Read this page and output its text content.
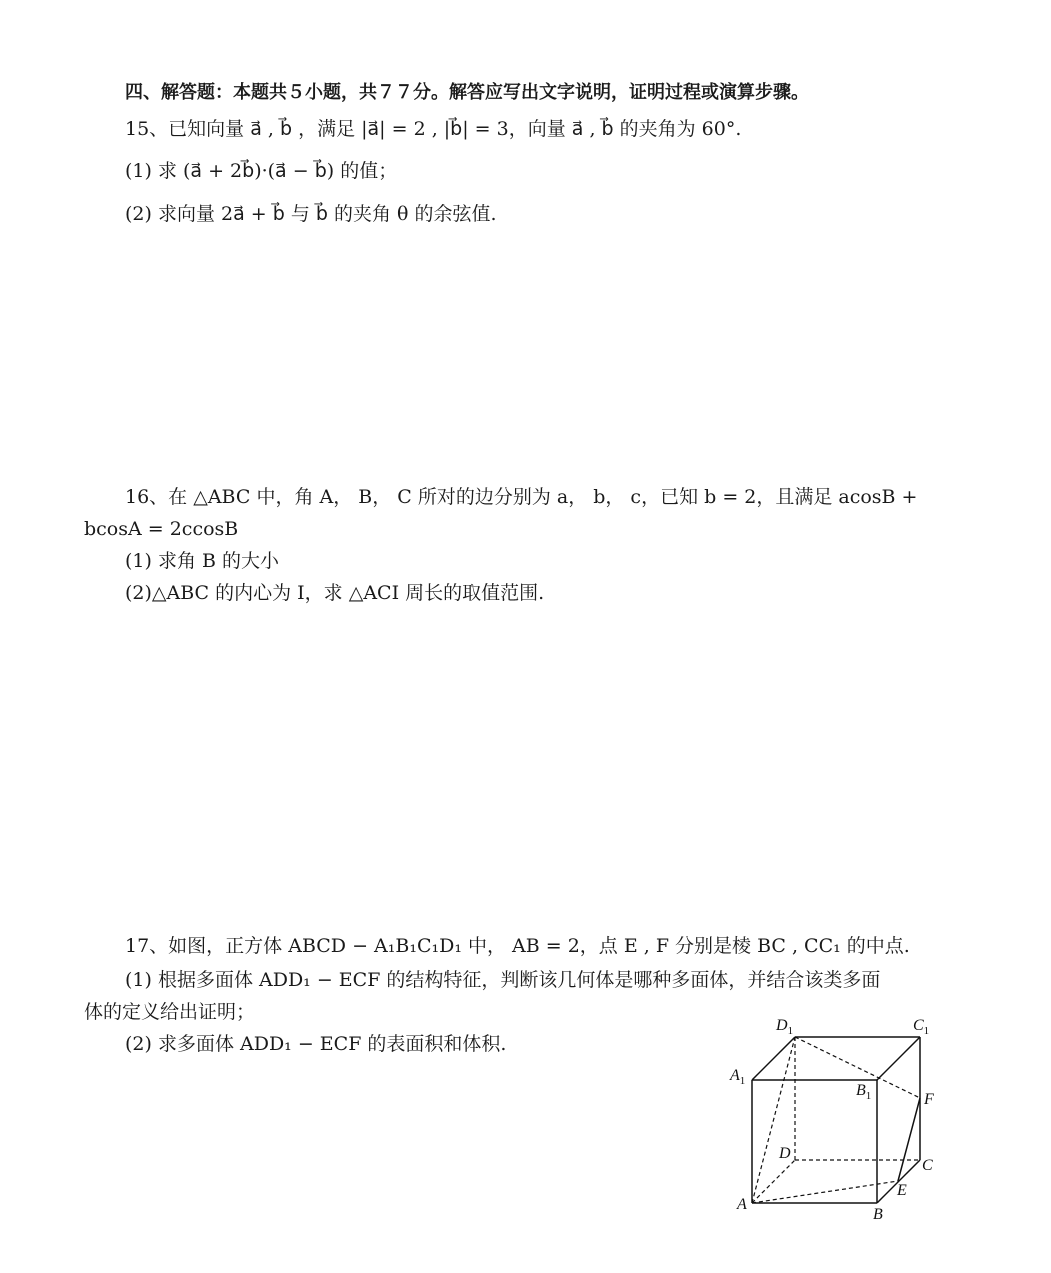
四、解答题：本题共５小题，共７７分。解答应写出文字说明，证明过程或演算步骤。
15、已知向量 a⃗ , b⃗ ，满足 |a⃗| = 2 , |b⃗| = 3，向量 a⃗ , b⃗ 的夹角为 60°.
(1) 求 (a⃗ + 2b⃗)·(a⃗ − b⃗) 的值；
(2) 求向量 2a⃗ + b⃗ 与 b⃗ 的夹角 θ 的余弦值.
16、在 △ABC 中，角 A， B， C 所对的边分别为 a， b， c，已知 b = 2，且满足 acosB +
bcosA = 2ccosB
(1) 求角 B 的大小
(2)△ABC 的内心为 I，求 △ACI 周长的取值范围.
17、如图，正方体 ABCD − A₁B₁C₁D₁ 中， AB = 2，点 E , F 分别是棱 BC , CC₁ 的中点.
(1) 根据多面体 ADD₁ − ECF 的结构特征，判断该几何体是哪种多面体，并结合该类多面
体的定义给出证明；
(2) 求多面体 ADD₁ − ECF 的表面积和体积.
$D_1$	$C_1$
$A_1$
$B_1$	F
D
C
E
A
B
